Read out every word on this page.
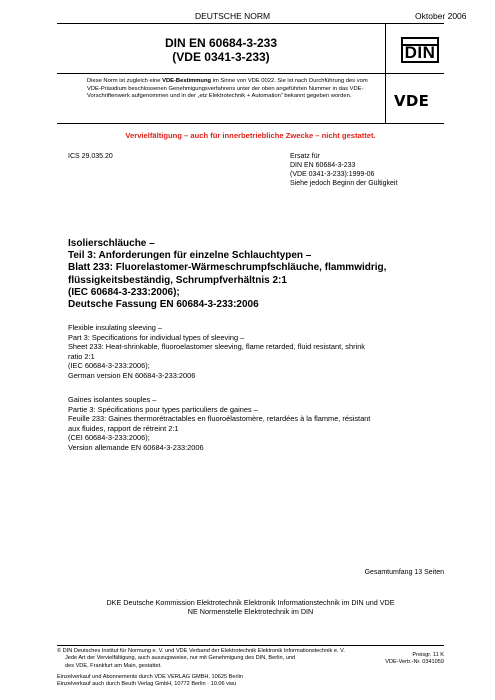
DEUTSCHE NORM	Oktober 2006
DIN EN 60684-3-233
(VDE 0341-3-233)	DIN
VDE
Diese Norm ist zugleich eine VDE-Bestimmung im Sinne von VDE 0022. Sie ist nach Durchführung des vom VDE-Präsidium beschlossenen Genehmigungsverfahrens unter der oben angeführten Nummer in das VDE-Vorschriftenwerk aufgenommen und in der „etz Elektrotechnik + Automation“ bekannt gegeben worden.
Vervielfältigung – auch für innerbetriebliche Zwecke – nicht gestattet.
ICS 29.035.20	Ersatz für
DIN EN 60684-3-233
(VDE 0341-3-233):1999-06
Siehe jedoch Beginn der Gültigkeit
Isolierschläuche –
Teil 3: Anforderungen für einzelne Schlauchtypen –
Blatt 233: Fluorelastomer-Wärmeschrumpfschläuche, flammwidrig,
flüssigkeitsbeständig, Schrumpfverhältnis 2:1
(IEC 60684-3-233:2006);
Deutsche Fassung EN 60684-3-233:2006
Flexible insulating sleeving –
Part 3: Specifications for individual types of sleeving –
Sheet 233: Heat-shrinkable, fluoroelastomer sleeving, flame retarded, fluid resistant, shrink
ratio 2:1
(IEC 60684-3-233:2006);
German version EN 60684-3-233:2006
Gaines isolantes souples –
Partie 3: Spécifications pour types particuliers de gaines –
Feuille 233: Gaines thermorétractables en fluoroélastomère, retardées à la flamme, résistant
aux fluides, rapport de rétreint 2:1
(CEI 60684-3-233:2006);
Version allemande EN 60684-3-233:2006
Gesamtumfang 13 Seiten
DKE Deutsche Kommission Elektrotechnik Elektronik Informationstechnik im DIN und VDE
NE Normenstelle Elektrotechnik im DIN
© DIN Deutsches Institut für Normung e. V. und VDE Verband der Elektrotechnik Elektronik Informationstechnik e. V.
Jede Art der Vervielfältigung, auch auszugsweise, nur mit Genehmigung des DIN, Berlin, und
des VDE, Frankfurt am Main, gestattet.
Einzelverkauf und Abonnements durch VDE VERLAG GMBH, 10625 Berlin
Einzelverkauf auch durch Beuth Verlag GmbH, 10772 Berlin · 10.06 vwu
Preisgr. 11 K
VDE-Vertr.-Nr. 0341059
